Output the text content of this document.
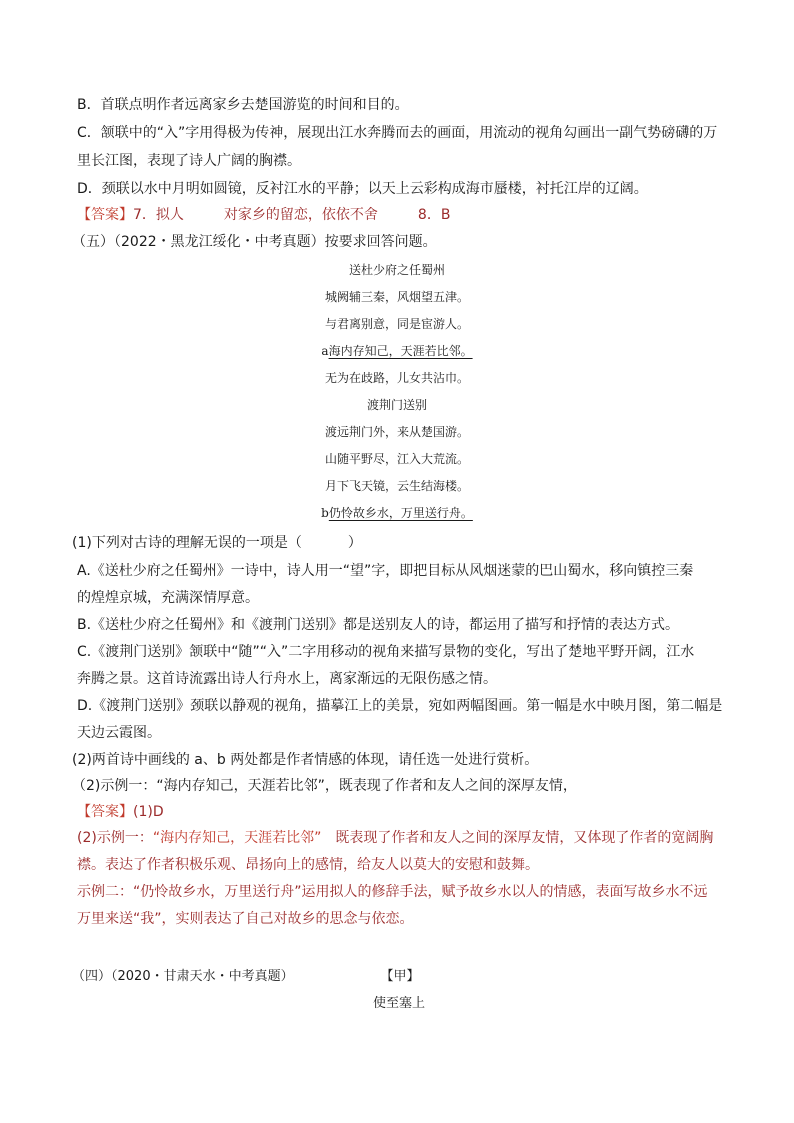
B．首联点明作者远离家乡去楚国游览的时间和目的。
C．颔联中的“入”字用得极为传神，展现出江水奔腾而去的画面，用流动的视角勾画出一副气势磅礴的万
里长江图，表现了诗人广阔的胸襟。
D．颈联以水中月明如圆镜，反衬江水的平静；以天上云彩构成海市蜃楼，衬托江岸的辽阔。
【答案】7．拟人	对家乡的留恋，依依不舍	8．B
（五）（2022・黑龙江绥化・中考真题）按要求回答问题。
送杜少府之任蜀州
城阙辅三秦，风烟望五津。
与君离别意，同是宦游人。
a海内存知己，天涯若比邻。
无为在歧路，儿女共沾巾。
渡荆门送别
渡远荆门外，来从楚国游。
山随平野尽，江入大荒流。
月下飞天镜，云生结海楼。
b仍怜故乡水，万里送行舟。
(1)下列对古诗的理解无误的一项是（	）
A.《送杜少府之任蜀州》一诗中，诗人用一“望”字，即把目标从风烟迷蒙的巴山蜀水，移向镇控三秦
的煌煌京城，充满深情厚意。
B.《送杜少府之任蜀州》和《渡荆门送别》都是送别友人的诗，都运用了描写和抒情的表达方式。
C.《渡荆门送别》颔联中“随”“入”二字用移动的视角来描写景物的变化，写出了楚地平野开阔，江水
奔腾之景。这首诗流露出诗人行舟水上，离家渐远的无限伤感之情。
D.《渡荆门送别》颈联以静观的视角，描摹江上的美景，宛如两幅图画。第一幅是水中映月图，第二幅是
天边云霞图。
(2)两首诗中画线的 a、b 两处都是作者情感的体现，请任选一处进行赏析。
（2)示例一：“海内存知己，天涯若比邻”，既表现了作者和友人之间的深厚友情，
【答案】(1)D
(2)示例一：“海内存知己，天涯若比邻” 既表现了作者和友人之间的深厚友情，又体现了作者的宽阔胸
襟。表达了作者积极乐观、昂扬向上的感情，给友人以莫大的安慰和鼓舞。
示例二：“仍怜故乡水，万里送行舟”运用拟人的修辞手法，赋予故乡水以人的情感，表面写故乡水不远
万里来送“我”，实则表达了自己对故乡的思念与依恋。
（四）（2020・甘肃天水・中考真题）	【甲】
使至塞上
